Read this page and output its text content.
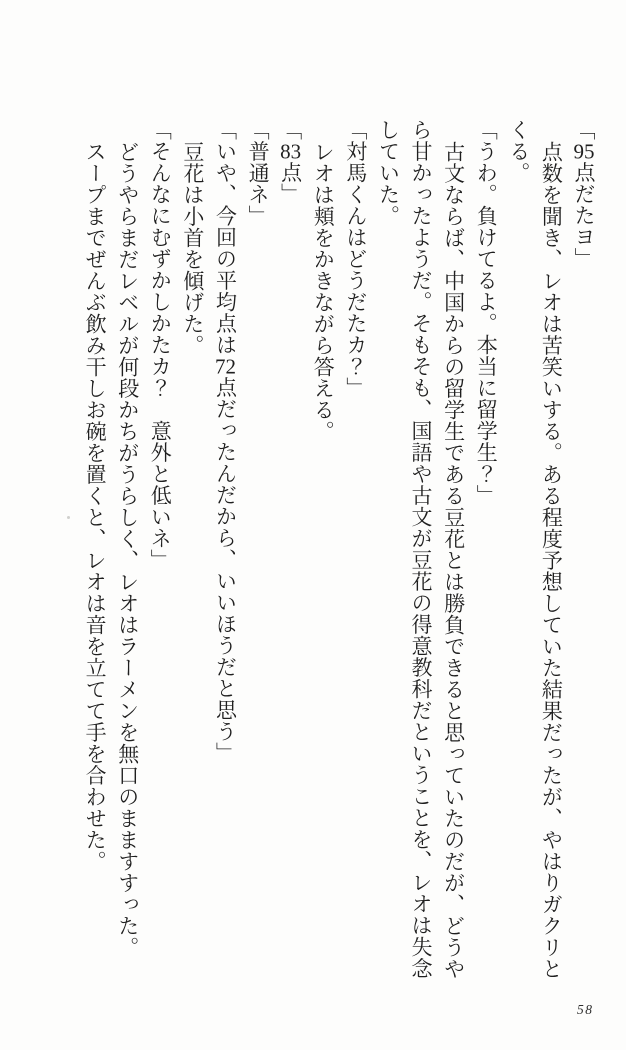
「95点だたヨ」

点数を聞き、レオは苦笑いする。ある程度予想していた結果だったが、やはりガクリと

くる。

「うわ。負けてるよ。本当に留学生？」

古文ならば、中国からの留学生である豆花とは勝負できると思っていたのだが、どうや

ら甘かったようだ。そもそも、国語や古文が豆花の得意教科だということを、レオは失念

していた。

「対馬くんはどうだたカ？」

レオは頬をかきながら答える。

「83点」

「普通ネ」

「いや、今回の平均点は72点だったんだから、いいほうだと思う」

豆花は小首を傾げた。

「そんなにむずかしかたカ？　意外と低いネ」

どうやらまだレベルが何段かちがうらしく、レオはラーメンを無口のまますすった。

スープまでぜんぶ飲み干しお碗を置くと、レオは音を立てて手を合わせた。

58
